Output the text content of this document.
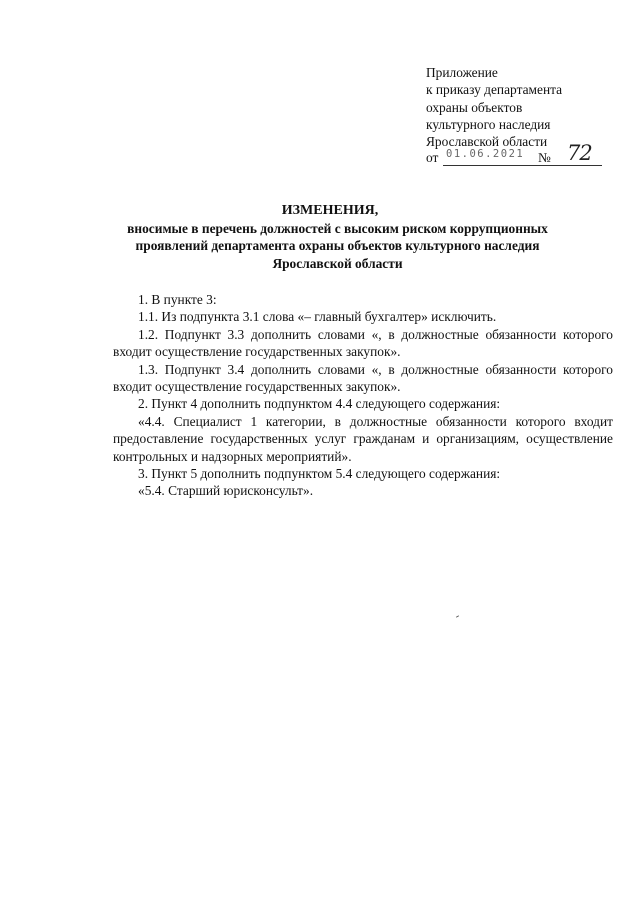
Приложение
к приказу департамента
охраны объектов
культурного наследия
Ярославской области
от 01.06.2021 № 72
ИЗМЕНЕНИЯ,
вносимые в перечень должностей с высоким риском коррупционных проявлений департамента охраны объектов культурного наследия Ярославской области

1. В пункте 3:

1.1. Из подпункта 3.1 слова «– главный бухгалтер» исключить.

1.2. Подпункт 3.3 дополнить словами «, в должностные обязанности которого входит осуществление государственных закупок».

1.3. Подпункт 3.4 дополнить словами «, в должностные обязанности которого входит осуществление государственных закупок».

2. Пункт 4 дополнить подпунктом 4.4 следующего содержания:

«4.4. Специалист 1 категории, в должностные обязанности которого входит предоставление государственных услуг гражданам и организациям, осуществление контрольных и надзорных мероприятий».

3. Пункт 5 дополнить подпунктом 5.4 следующего содержания:

«5.4. Старший юрисконсульт».
